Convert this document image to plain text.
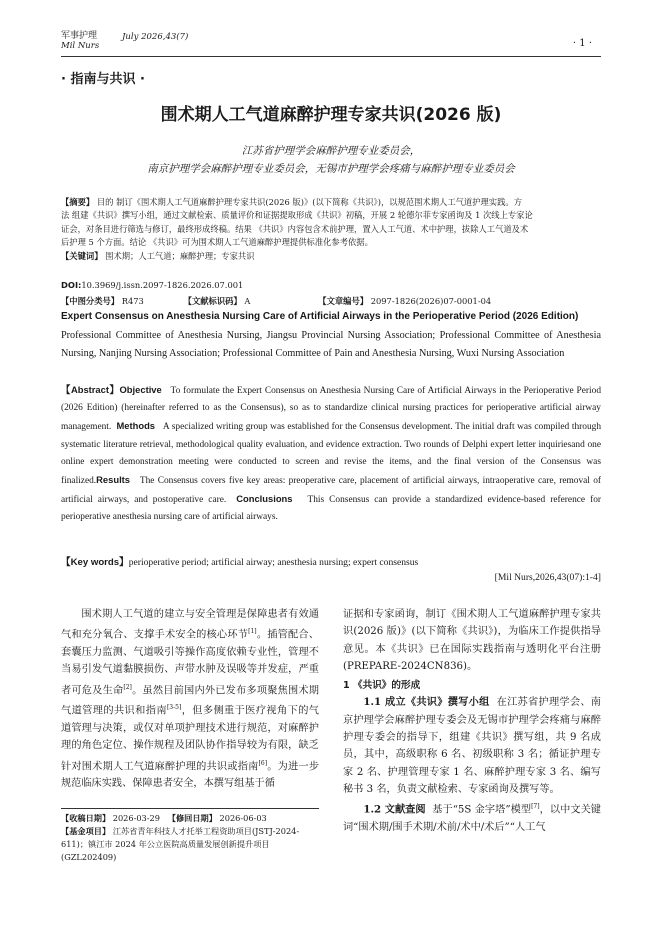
军事护理
Mil Nurs
July 2026,43(7)
· 1 ·
· 指南与共识 ·
围术期人工气道麻醉护理专家共识(2026 版)
江苏省护理学会麻醉护理专业委员会，
南京护理学会麻醉护理专业委员会，无锡市护理学会疼痛与麻醉护理专业委员会

【摘要】 目的 制订《围术期人工气道麻醉护理专家共识(2026 版)》(以下简称《共识》)，以规范围术期人工气道护理实践。方

法 组建《共识》撰写小组，通过文献检索、质量评价和证据提取形成《共识》初稿，开展 2 轮德尔菲专家函询及 1 次线上专家论

证会，对条目进行筛选与修订，最终形成终稿。结果 《共识》内容包含术前护理，置入人工气道、术中护理，拔除人工气道及术

后护理 5 个方面。结论 《共识》可为围术期人工气道麻醉护理提供标准化参考依据。

【关键词】 围术期；人工气道；麻醉护理；专家共识

DOI:10.3969/j.issn.2097-1826.2026.07.001
【中图分类号】 R473	【文献标识码】 A	【文章编号】 2097-1826(2026)07-0001-04
Expert Consensus on Anesthesia Nursing Care of Artificial Airways in the Perioperative Period (2026 Edition)
Professional Committee of Anesthesia Nursing, Jiangsu Provincial Nursing Association; Professional Committee of Anesthesia Nursing, Nanjing Nursing Association; Professional Committee of Pain and Anesthesia Nursing, Wuxi Nursing Association
【Abstract】Objective To formulate the Expert Consensus on Anesthesia Nursing Care of Artificial Airways in the Perioperative Period (2026 Edition) (hereinafter referred to as the Consensus), so as to standardize clinical nursing practices for perioperative artificial airway management. Methods A specialized writing group was established for the Consensus development. The initial draft was compiled through systematic literature retrieval, methodological quality evaluation, and evidence extraction. Two rounds of Delphi expert letter inquiriesand one online expert demonstration meeting were conducted to screen and revise the items, and the final version of the Consensus was finalized.Results The Consensus covers five key areas: preoperative care, placement of artificial airways, intraoperative care, removal of artificial airways, and postoperative care. Conclusions This Consensus can provide a standardized evidence-based reference for perioperative anesthesia nursing care of artificial airways.
【Key words】perioperative period; artificial airway; anesthesia nursing; expert consensus
[Mil Nurs,2026,43(07):1-4]

围术期人工气道的建立与安全管理是保障患者有效通气和充分氧合、支撑手术安全的核心环节[1]。插管配合、套囊压力监测、气道吸引等操作高度依赖专业性，管理不当易引发气道黏膜损伤、声带水肿及误吸等并发症，严重者可危及生命[2]。虽然目前国内外已发布多项聚焦围术期气道管理的共识和指南[3-5]，但多侧重于医疗视角下的气道管理与决策，或仅对单项护理技术进行规范，对麻醉护理的角色定位、操作规程及团队协作指导较为有限，缺乏针对围术期人工气道麻醉护理的共识或指南[6]。为进一步规范临床实践、保障患者安全，本撰写组基于循

【收稿日期】 2026-03-29 【修回日期】 2026-06-03
【基金项目】 江苏省青年科技人才托举工程资助项目(JSTJ-2024-611)；镇江市 2024 年公立医院高质量发展创新提升项目(GZL202409)

证据和专家函询，制订《围术期人工气道麻醉护理专家共识(2026 版)》(以下简称《共识》)，为临床工作提供指导意见。本《共识》已在国际实践指南与透明化平台注册(PREPARE-2024CN836)。

1 《共识》的形成

1.1 成立《共识》撰写小组 在江苏省护理学会、南京护理学会麻醉护理专委会及无锡市护理学会疼痛与麻醉护理专委会的指导下，组建《共识》撰写组，共 9 名成员，其中，高级职称 6 名、初级职称 3 名；循证护理专家 2 名、护理管理专家 1 名、麻醉护理专家 3 名、编写秘书 3 名，负责文献检索、专家函询及撰写等。

1.2 文献查阅 基于“5S 金字塔”模型[7]，以中文关键词“围术期/围手术期/术前/术中/术后”“人工气
